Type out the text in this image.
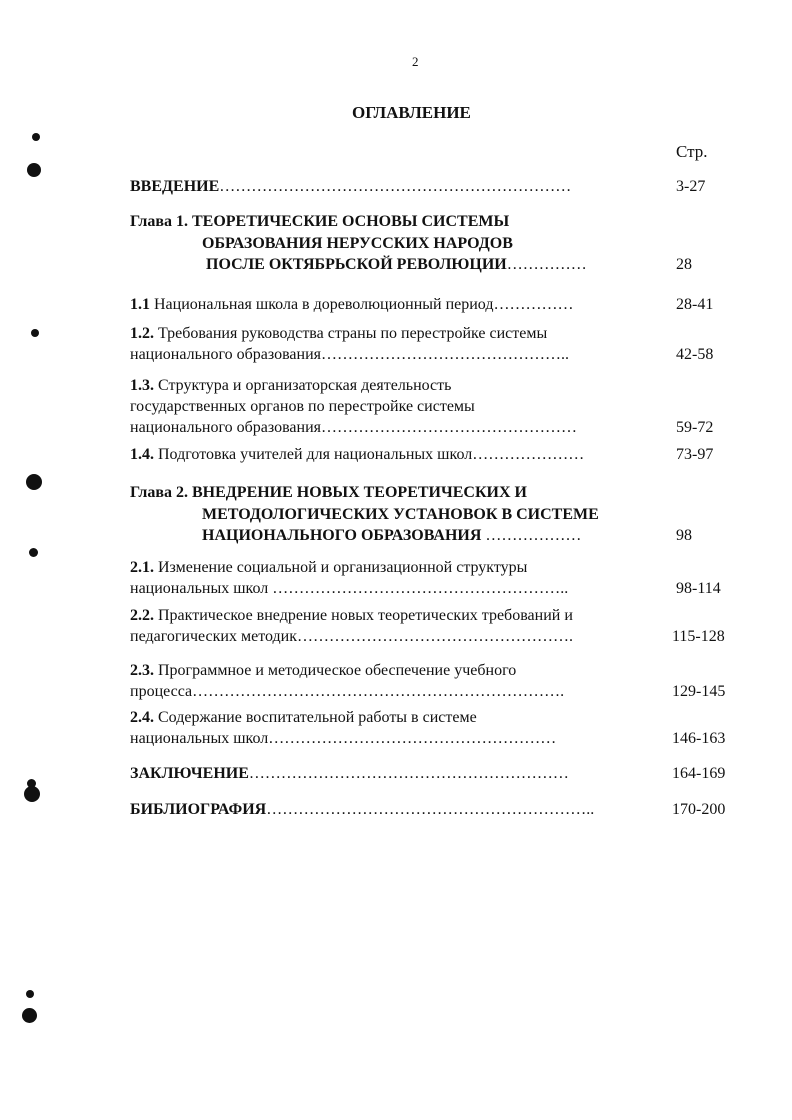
2
ОГЛАВЛЕНИЕ
Стр.
ВВЕДЕНИЕ…………………………………………………………	3-27
Глава 1. ТЕОРЕТИЧЕСКИЕ ОСНОВЫ СИСТЕМЫ
ОБРАЗОВАНИЯ НЕРУССКИХ НАРОДОВ
ПОСЛЕ ОКТЯБРЬСКОЙ РЕВОЛЮЦИИ……………	28
1.1 Национальная школа в дореволюционный период……………	28-41
1.2. Требования руководства страны по перестройке системы
национального образования………………………………………..	42-58
1.3. Структура и организаторская деятельность
государственных органов по перестройке системы
национального образования…………………………………………	59-72
1.4. Подготовка учителей для национальных школ…………………	73-97
Глава 2. ВНЕДРЕНИЕ НОВЫХ ТЕОРЕТИЧЕСКИХ И
МЕТОДОЛОГИЧЕСКИХ УСТАНОВОК В СИСТЕМЕ
НАЦИОНАЛЬНОГО ОБРАЗОВАНИЯ ………………	98
2.1. Изменение социальной и организационной структуры
национальных школ ………………………………………………..	98-114
2.2. Практическое внедрение новых теоретических требований и
педагогических методик…………………………………………….	115-128
2.3. Программное и методическое обеспечение учебного
процесса…………………………………………………………….	129-145
2.4. Содержание воспитательной работы в системе
национальных школ………………………………………………	146-163
ЗАКЛЮЧЕНИЕ……………………………………………………	164-169
БИБЛИОГРАФИЯ……………………………………………………..	170-200
